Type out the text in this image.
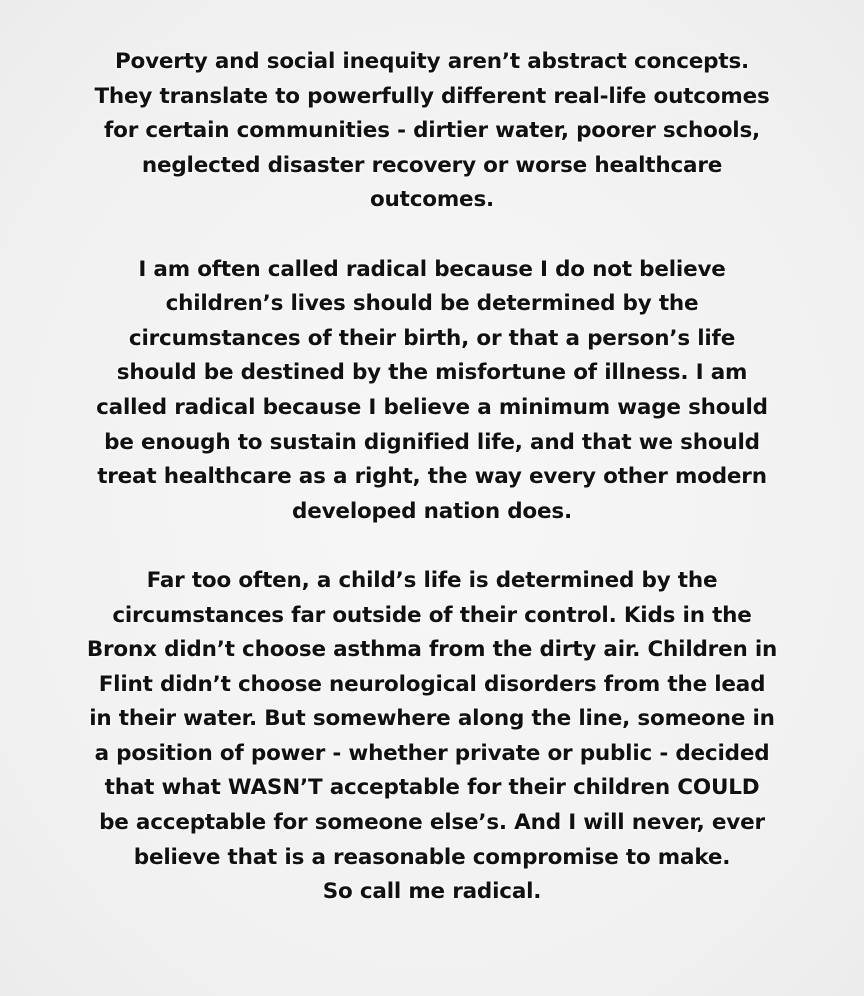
Poverty and social inequity aren’t abstract concepts.
They translate to powerfully different real-life outcomes
for certain communities - dirtier water, poorer schools,
neglected disaster recovery or worse healthcare
outcomes.
I am often called radical because I do not believe
children’s lives should be determined by the
circumstances of their birth, or that a person’s life
should be destined by the misfortune of illness. I am
called radical because I believe a minimum wage should
be enough to sustain dignified life, and that we should
treat healthcare as a right, the way every other modern
developed nation does.
Far too often, a child’s life is determined by the
circumstances far outside of their control. Kids in the
Bronx didn’t choose asthma from the dirty air. Children in
Flint didn’t choose neurological disorders from the lead
in their water. But somewhere along the line, someone in
a position of power - whether private or public - decided
that what WASN’T acceptable for their children COULD
be acceptable for someone else’s. And I will never, ever
believe that is a reasonable compromise to make.
So call me radical.
